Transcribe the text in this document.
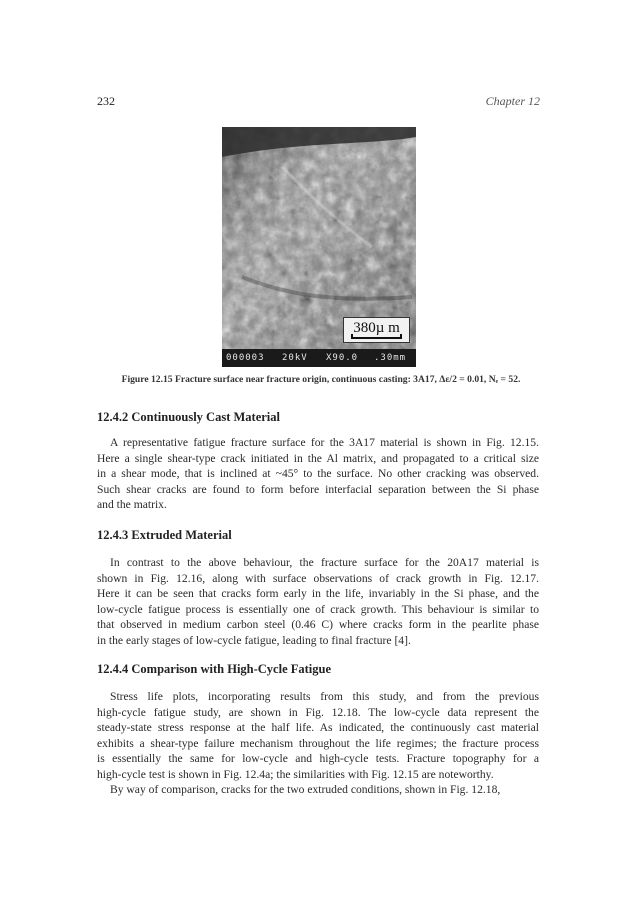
232	Chapter 12
380µ m
000003 20kV X90.0 .30mm
Figure 12.15 Fracture surface near fracture origin, continuous casting: 3A17, Δε/2 = 0.01, Nₑ = 52.
12.4.2 Continuously Cast Material
A representative fatigue fracture surface for the 3A17 material is shown in Fig. 12.15.
Here a single shear-type crack initiated in the Al matrix, and propagated to a critical size
in a shear mode, that is inclined at ~45° to the surface. No other cracking was observed.
Such shear cracks are found to form before interfacial separation between the Si phase
and the matrix.
12.4.3 Extruded Material
In contrast to the above behaviour, the fracture surface for the 20A17 material is
shown in Fig. 12.16, along with surface observations of crack growth in Fig. 12.17.
Here it can be seen that cracks form early in the life, invariably in the Si phase, and the
low-cycle fatigue process is essentially one of crack growth. This behaviour is similar to
that observed in medium carbon steel (0.46 C) where cracks form in the pearlite phase
in the early stages of low-cycle fatigue, leading to final fracture [4].
12.4.4 Comparison with High-Cycle Fatigue
Stress life plots, incorporating results from this study, and from the previous
high-cycle fatigue study, are shown in Fig. 12.18. The low-cycle data represent the
steady-state stress response at the half life. As indicated, the continuously cast material
exhibits a shear-type failure mechanism throughout the life regimes; the fracture process
is essentially the same for low-cycle and high-cycle tests. Fracture topography for a
high-cycle test is shown in Fig. 12.4a; the similarities with Fig. 12.15 are noteworthy.
By way of comparison, cracks for the two extruded conditions, shown in Fig. 12.18,
